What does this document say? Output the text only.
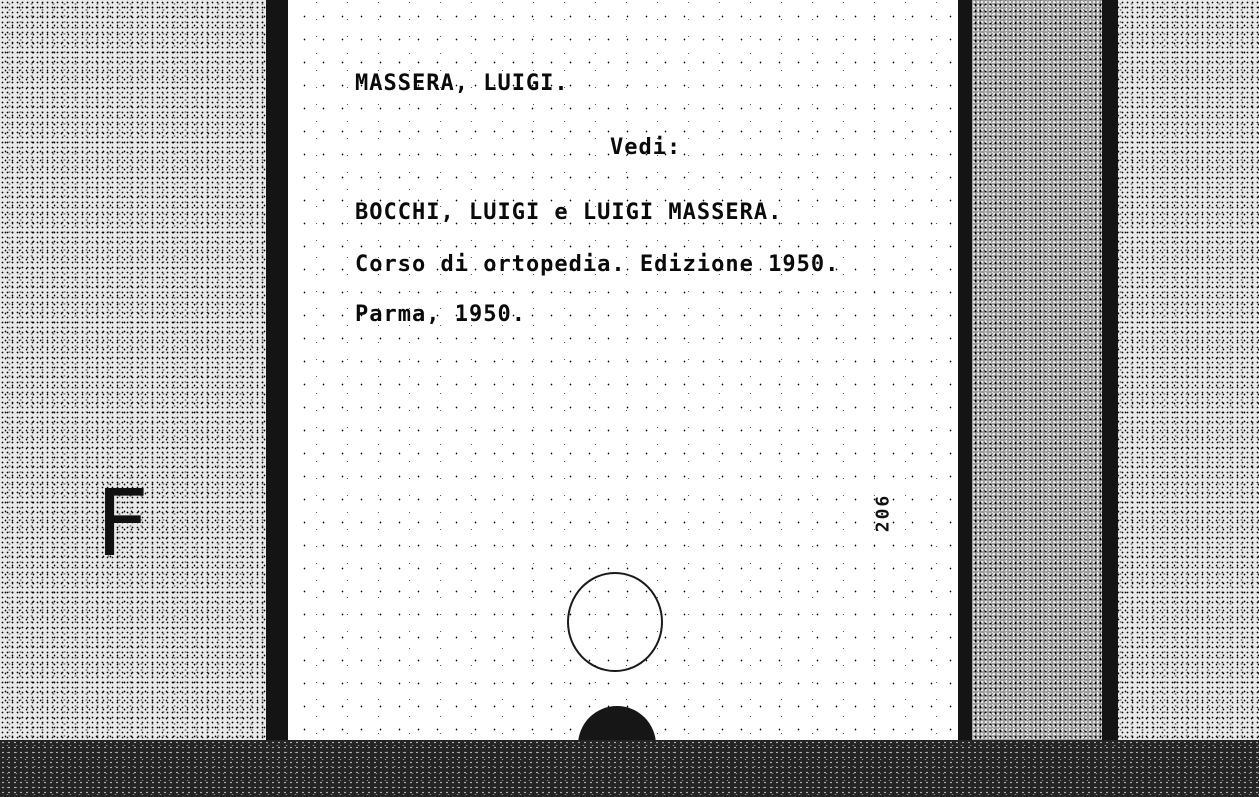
F
MASSERA, LUIGI.
Vedi:
BOCCHI, LUIGI e LUIGI MASSERA.
Corso di ortopedia. Edizione 1950.
Parma, 1950.
206
